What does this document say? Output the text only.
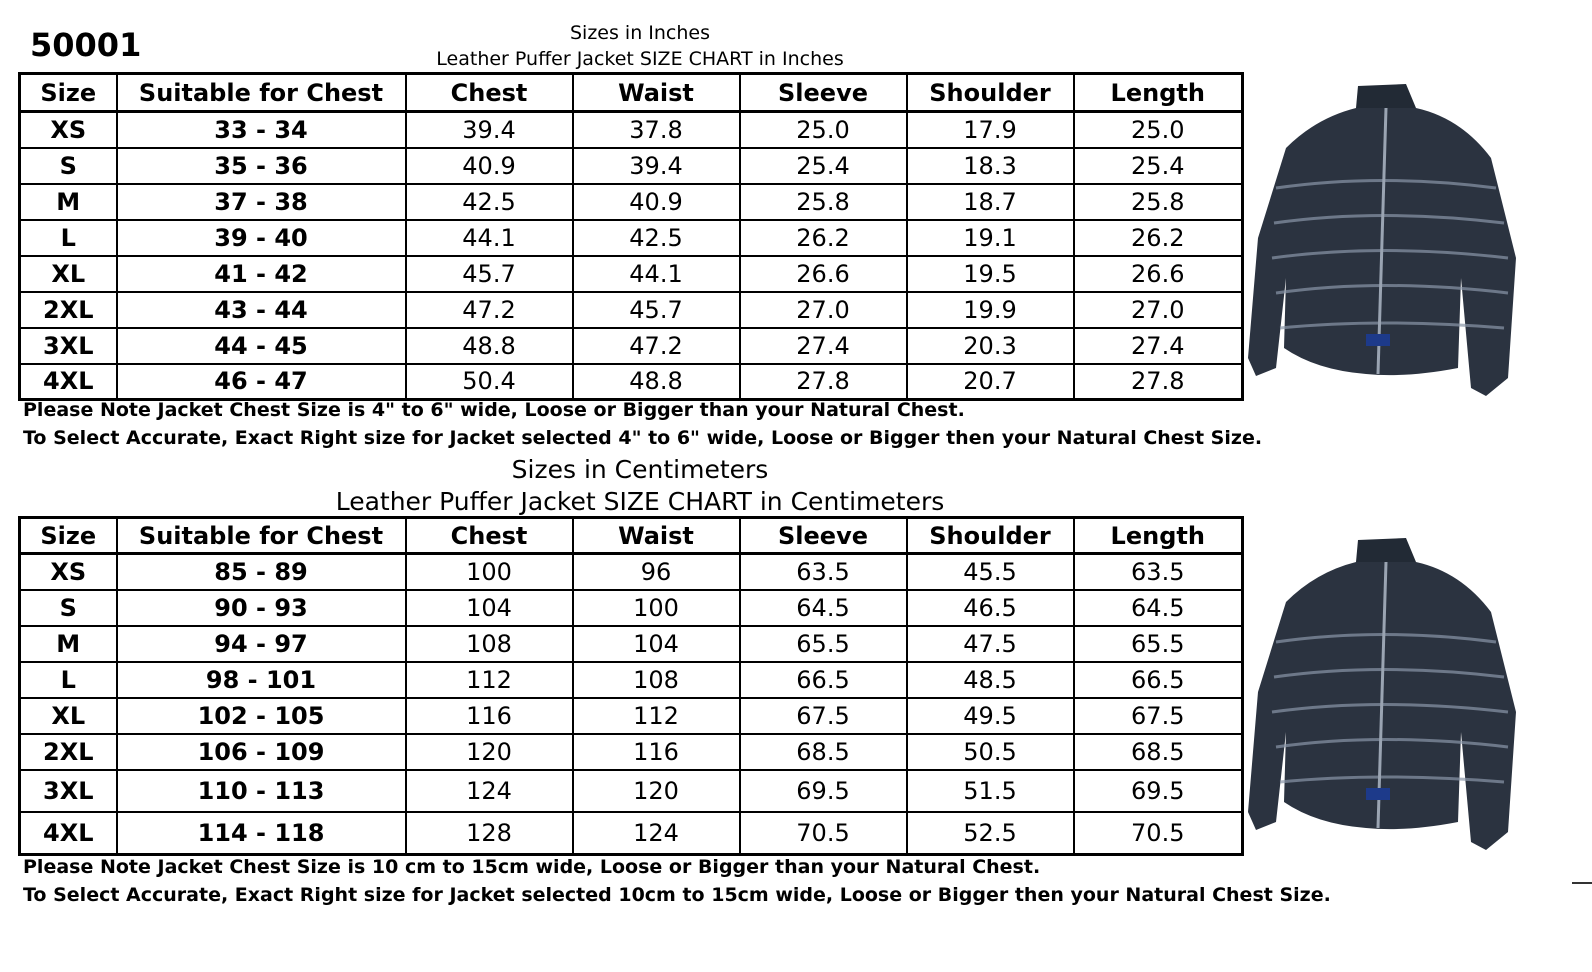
50001	Sizes in Inches
Leather Puffer Jacket SIZE CHART in Inches
Size	Suitable for Chest	Chest	Waist	Sleeve	Shoulder	Length
XS	33 - 34	39.4	37.8	25.0	17.9	25.0
S	35 - 36	40.9	39.4	25.4	18.3	25.4
M	37 - 38	42.5	40.9	25.8	18.7	25.8
L	39 - 40	44.1	42.5	26.2	19.1	26.2
XL	41 - 42	45.7	44.1	26.6	19.5	26.6
2XL	43 - 44	47.2	45.7	27.0	19.9	27.0
3XL	44 - 45	48.8	47.2	27.4	20.3	27.4
4XL	46 - 47	50.4	48.8	27.8	20.7	27.8
Please Note Jacket Chest Size is 4" to 6" wide, Loose or Bigger than your Natural Chest.
To Select Accurate, Exact Right size for Jacket selected 4" to 6" wide, Loose or Bigger then your Natural Chest Size.
Sizes in Centimeters
Leather Puffer Jacket SIZE CHART in Centimeters
Size	Suitable for Chest	Chest	Waist	Sleeve	Shoulder	Length
XS	85 - 89	100	96	63.5	45.5	63.5
S	90 - 93	104	100	64.5	46.5	64.5
M	94 - 97	108	104	65.5	47.5	65.5
L	98 - 101	112	108	66.5	48.5	66.5
XL	102 - 105	116	112	67.5	49.5	67.5
2XL	106 - 109	120	116	68.5	50.5	68.5
3XL	110 - 113	124	120	69.5	51.5	69.5
4XL	114 - 118	128	124	70.5	52.5	70.5
Please Note Jacket Chest Size is 10 cm to 15cm wide, Loose or Bigger than your Natural Chest.
To Select Accurate, Exact Right size for Jacket selected 10cm to 15cm wide, Loose or Bigger then your Natural Chest Size.
